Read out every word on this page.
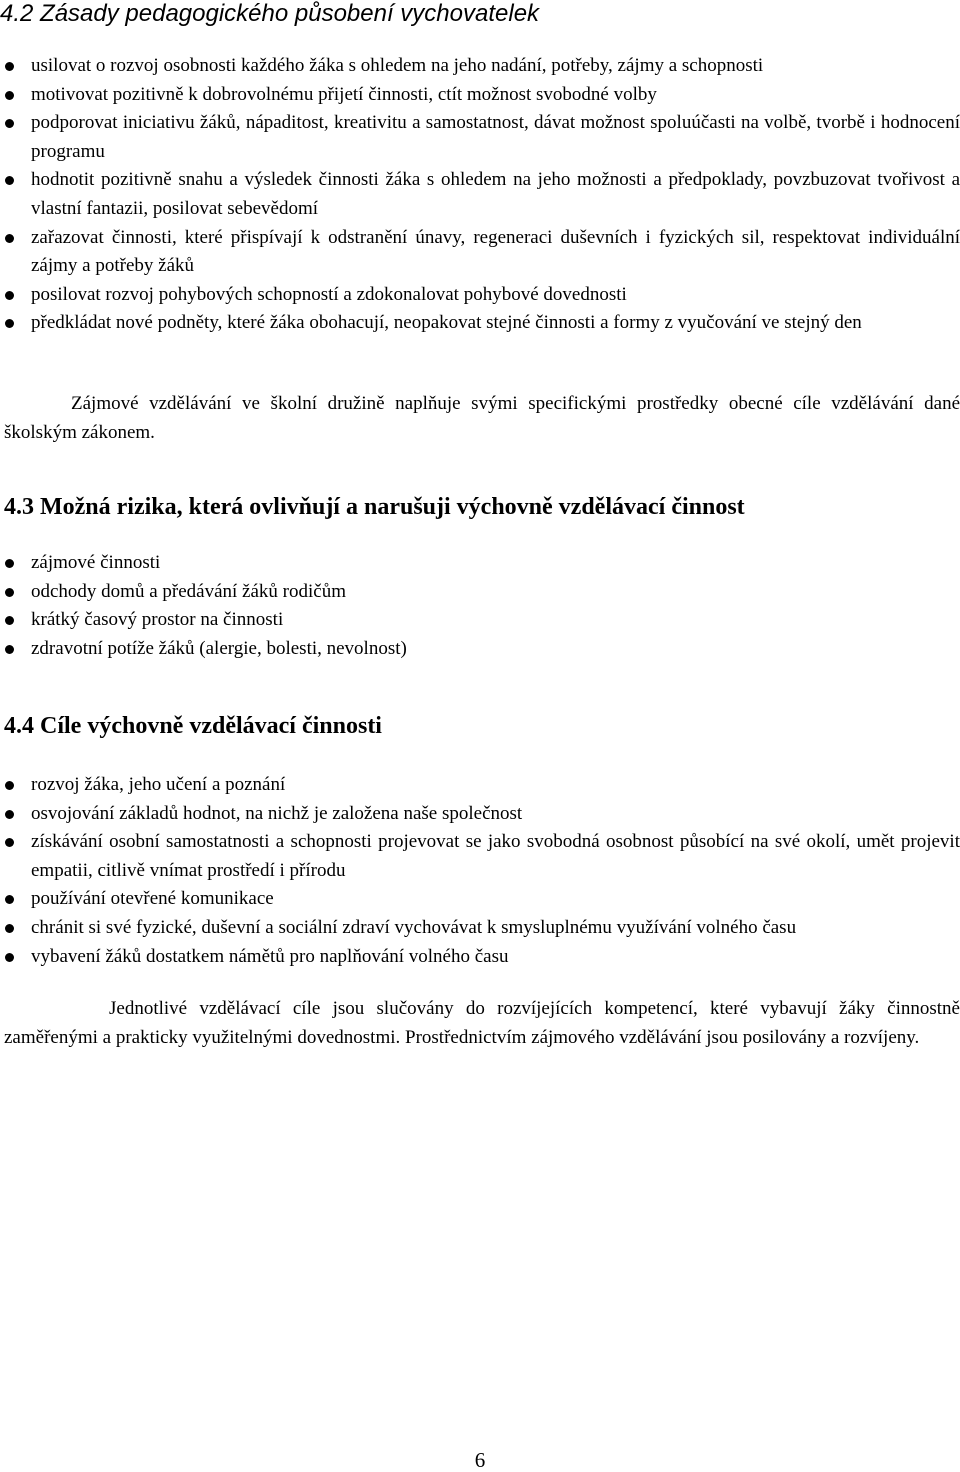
4.2 Zásady pedagogického působení vychovatelek
usilovat o rozvoj osobnosti každého žáka s ohledem na jeho nadání, potřeby, zájmy a schopnosti
motivovat pozitivně k dobrovolnému přijetí činnosti, ctít možnost svobodné volby
podporovat iniciativu žáků, nápaditost, kreativitu a samostatnost, dávat možnost spoluúčasti na volbě, tvorbě i hodnocení programu
hodnotit pozitivně snahu a výsledek činnosti žáka s ohledem na jeho možnosti a předpoklady, povzbuzovat tvořivost a vlastní fantazii, posilovat sebevědomí
zařazovat činnosti, které přispívají k odstranění únavy, regeneraci duševních i fyzických sil, respektovat individuální zájmy a potřeby žáků
posilovat rozvoj pohybových schopností a zdokonalovat pohybové dovednosti
předkládat nové podněty, které žáka obohacují, neopakovat stejné činnosti a formy z vyučování ve stejný den

Zájmové vzdělávání ve školní družině naplňuje svými specifickými prostředky obecné cíle vzdělávání dané školským zákonem.

4.3 Možná rizika, která ovlivňují a narušuji výchovně vzdělávací činnost
zájmové činnosti
odchody domů a předávání žáků rodičům
krátký časový prostor na činnosti
zdravotní potíže žáků (alergie, bolesti, nevolnost)
4.4 Cíle výchovně vzdělávací činnosti
rozvoj žáka, jeho učení a poznání
osvojování základů hodnot, na nichž je založena naše společnost
získávání osobní samostatnosti a schopnosti projevovat se jako svobodná osobnost působící na své okolí, umět projevit empatii, citlivě vnímat prostředí i přírodu
používání otevřené komunikace
chránit si své fyzické, duševní a sociální zdraví vychovávat k smysluplnému využívání volného času
vybavení žáků dostatkem námětů pro naplňování volného času

Jednotlivé vzdělávací cíle jsou slučovány do rozvíjejících kompetencí, které vybavují žáky činnostně zaměřenými a prakticky využitelnými dovednostmi. Prostřednictvím zájmového vzdělávání jsou posilovány a rozvíjeny.

6
